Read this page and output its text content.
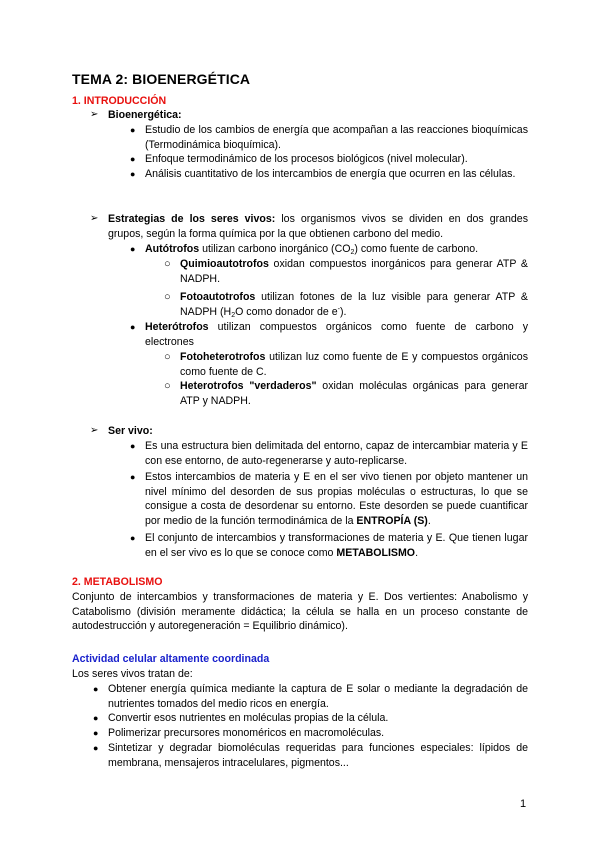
TEMA 2: BIOENERGÉTICA
1. INTRODUCCIÓN
➢ Bioenergética:
● Estudio de los cambios de energía que acompañan a las reacciones bioquímicas (Termodinámica bioquímica).
● Enfoque termodinámico de los procesos biológicos (nivel molecular).
● Análisis cuantitativo de los intercambios de energía que ocurren en las células.
➢ Estrategias de los seres vivos: los organismos vivos se dividen en dos grandes grupos, según la forma química por la que obtienen carbono del medio.
● Autótrofos utilizan carbono inorgánico $(CO_2)$ como fuente de carbono.
○ Quimioautotrofos oxidan compuestos inorgánicos para generar ATP & NADPH.
○ Fotoautotrofos utilizan fotones de la luz visible para generar ATP & NADPH ($H_2O$ como donador de e-).
● Heterótrofos utilizan compuestos orgánicos como fuente de carbono y electrones
○ Fotoheterotrofos utilizan luz como fuente de E y compuestos orgánicos como fuente de C.
○ Heterotrofos "verdaderos" oxidan moléculas orgánicas para generar ATP y NADPH.
➢ Ser vivo:
● Es una estructura bien delimitada del entorno, capaz de intercambiar materia y E con ese entorno, de auto-regenerarse y auto-replicarse.
● Estos intercambios de materia y E en el ser vivo tienen por objeto mantener un nivel mínimo del desorden de sus propias moléculas o estructuras, lo que se consigue a costa de desordenar su entorno. Este desorden se puede cuantificar por medio de la función termodinámica de la ENTROPÍA (S).
● El conjunto de intercambios y transformaciones de materia y E. Que tienen lugar en el ser vivo es lo que se conoce como METABOLISMO.
2. METABOLISMO
Conjunto de intercambios y transformaciones de materia y E. Dos vertientes: Anabolismo y Catabolismo (división meramente didáctica; la célula se halla en un proceso constante de autodestrucción y autoregeneración = Equilibrio dinámico).
Actividad celular altamente coordinada
Los seres vivos tratan de:
● Obtener energía química mediante la captura de E solar o mediante la degradación de nutrientes tomados del medio ricos en energía.
● Convertir esos nutrientes en moléculas propias de la célula.
● Polimerizar precursores monoméricos en macromoléculas.
● Sintetizar y degradar biomoléculas requeridas para funciones especiales: lípidos de membrana, mensajeros intracelulares, pigmentos...
1
